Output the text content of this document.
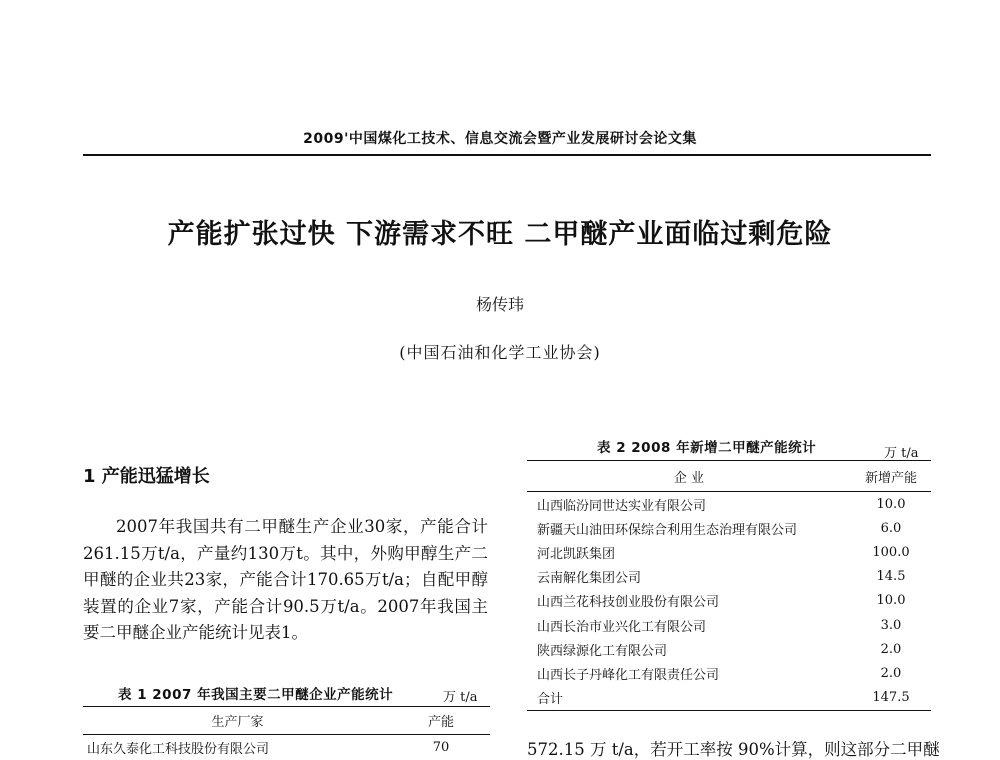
2009'中国煤化工技术、信息交流会暨产业发展研讨会论文集
产能扩张过快 下游需求不旺 二甲醚产业面临过剩危险
杨传玮
(中国石油和化学工业协会)
1 产能迅猛增长

2007年我国共有二甲醚生产企业30家，产能合计261.15万t/a，产量约130万t。其中，外购甲醇生产二甲醚的企业共23家，产能合计170.65万t/a；自配甲醇装置的企业7家，产能合计90.5万t/a。2007年我国主要二甲醚企业产能统计见表1。

表 1 2007 年我国主要二甲醚企业产能统计	万 t/a
生产厂家	产能
山东久泰化工科技股份有限公司	70
表 2 2008 年新增二甲醚产能统计	万 t/a
企 业	新增产能
山西临汾同世达实业有限公司	10.0
新疆天山油田环保综合利用生态治理有限公司	6.0
河北凯跃集团	100.0
云南解化集团公司	14.5
山西兰花科技创业股份有限公司	10.0
山西长治市业兴化工有限公司	3.0
陕西绿源化工有限公司	2.0
山西长子丹峰化工有限责任公司	2.0
合计	147.5
572.15 万 t/a，若开工率按 90%计算，则这部分二甲醚
